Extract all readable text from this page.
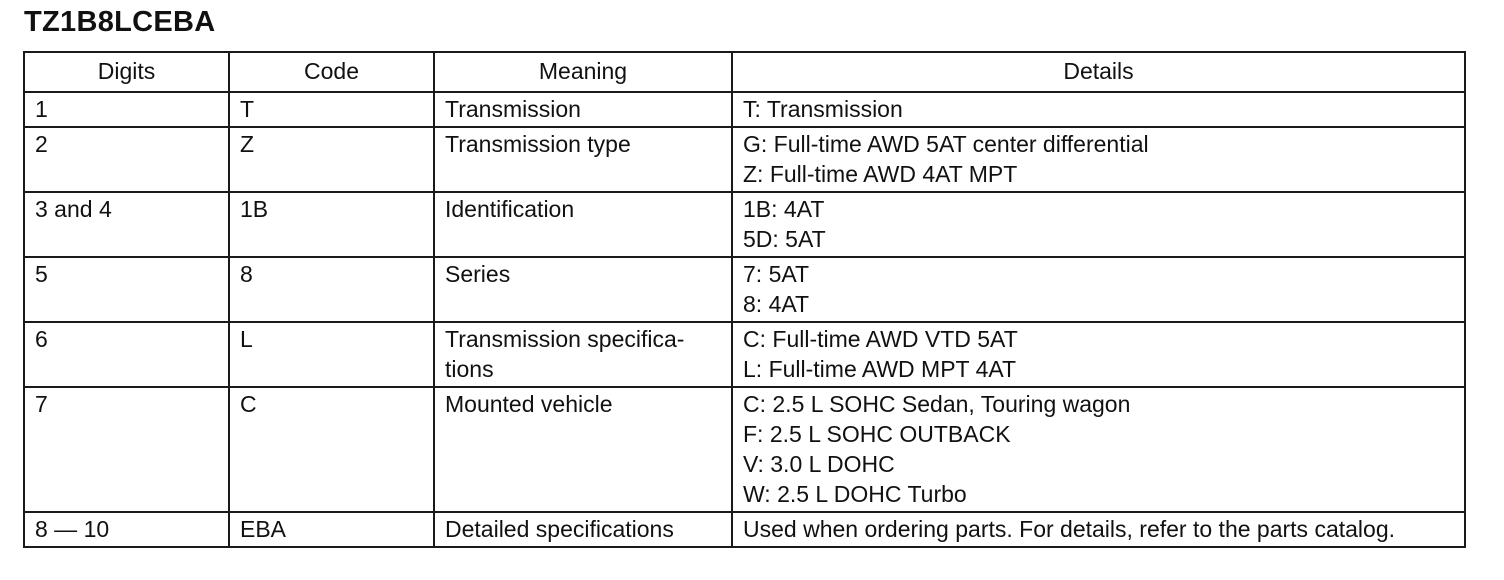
TZ1B8LCEBA
Digits	Code	Meaning	Details
1	T	Transmission	T: Transmission

2	Z	Transmission type	G: Full-time AWD 5AT center differential
Z: Full-time AWD 4AT MPT

3 and 4	1B	Identification	1B: 4AT
5D: 5AT

5	8	Series	7: 5AT
8: 4AT

6	L	Transmission specifica-
tions	C: Full-time AWD VTD 5AT
L: Full-time AWD MPT 4AT

7	C	Mounted vehicle	C: 2.5 L SOHC Sedan, Touring wagon
F: 2.5 L SOHC OUTBACK
V: 3.0 L DOHC
W: 2.5 L DOHC Turbo

8 — 10	EBA	Detailed specifications	Used when ordering parts. For details, refer to the parts catalog.
